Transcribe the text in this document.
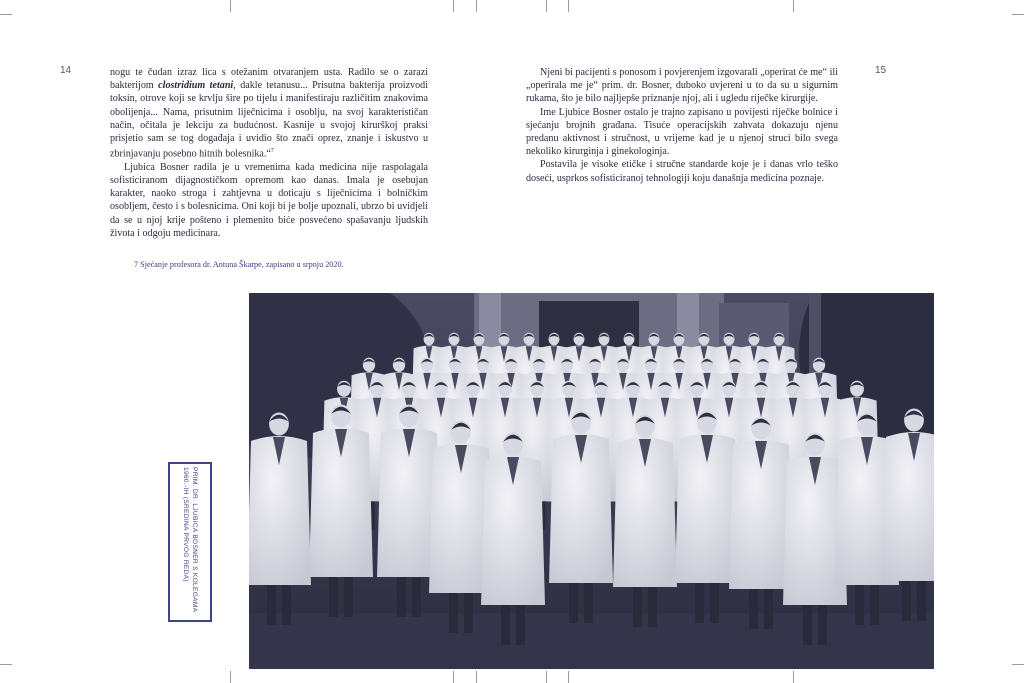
14	15

nogu te čudan izraz lica s otežanim otvaranjem usta. Radilo se o zarazi bakterijom clostridium tetani, dakle tetanusu... Prisutna bakterija proizvodi toksin, otrove koji se krvlju šire po tijelu i manifestiraju različitim znakovima obolijenja... Nama, prisutnim liječnicima i osoblju, na svoj karakterističan način, očitala je lekciju za budućnost. Kasnije u svojoj kirurškoj praksi prisjetio sam se tog događaja i uvidio što znači oprez, znanje i iskustvo u zbrinjavanju posebno hitnih bolesnika.“$^7$

Ljubica Bosner radila je u vremenima kada medicina nije raspolagala sofisticiranom dijagnostičkom opremom kao danas. Imala je osebujan karakter, naoko stroga i zahtjevna u doticaju s liječnicima i bolničkim osobljem, često i s bolesnicima. Oni koji bi je bolje upoznali, ubrzo bi uvidjeli da se u njoj krije pošteno i plemenito biće posvećeno spašavanju ljudskih života i odgoju medicinara.

7 Sjećanje profesora dr. Antuna Škarpe, zapisano u srpnju 2020.

Njeni bi pacijenti s ponosom i povjerenjem izgovarali „operirat će me“ ili „operirala me je“ prim. dr. Bosner, duboko uvjereni u to da su u sigurnim rukama, što je bilo najljepše priznanje njoj, ali i ugledu riječke kirurgije.

Ime Ljubice Bosner ostalo je trajno zapisano u povijesti riječke bolnice i sjećanju brojnih građana. Tisuće operacijskih zahvata dokazuju njenu predanu aktivnost i stručnost, u vrijeme kad je u njenoj struci bilo svega nekoliko kirurginja i ginekologinja.

Postavila je visoke etičke i stručne standarde koje je i danas vrlo teško doseći, usprkos sofisticiranoj tehnologiji koju današnja medicina poznaje.

PRIM. DR. LJUBICA BOSNER S KOLEGAMA
1960.-IH (SREDINA PRVOG REDA)
